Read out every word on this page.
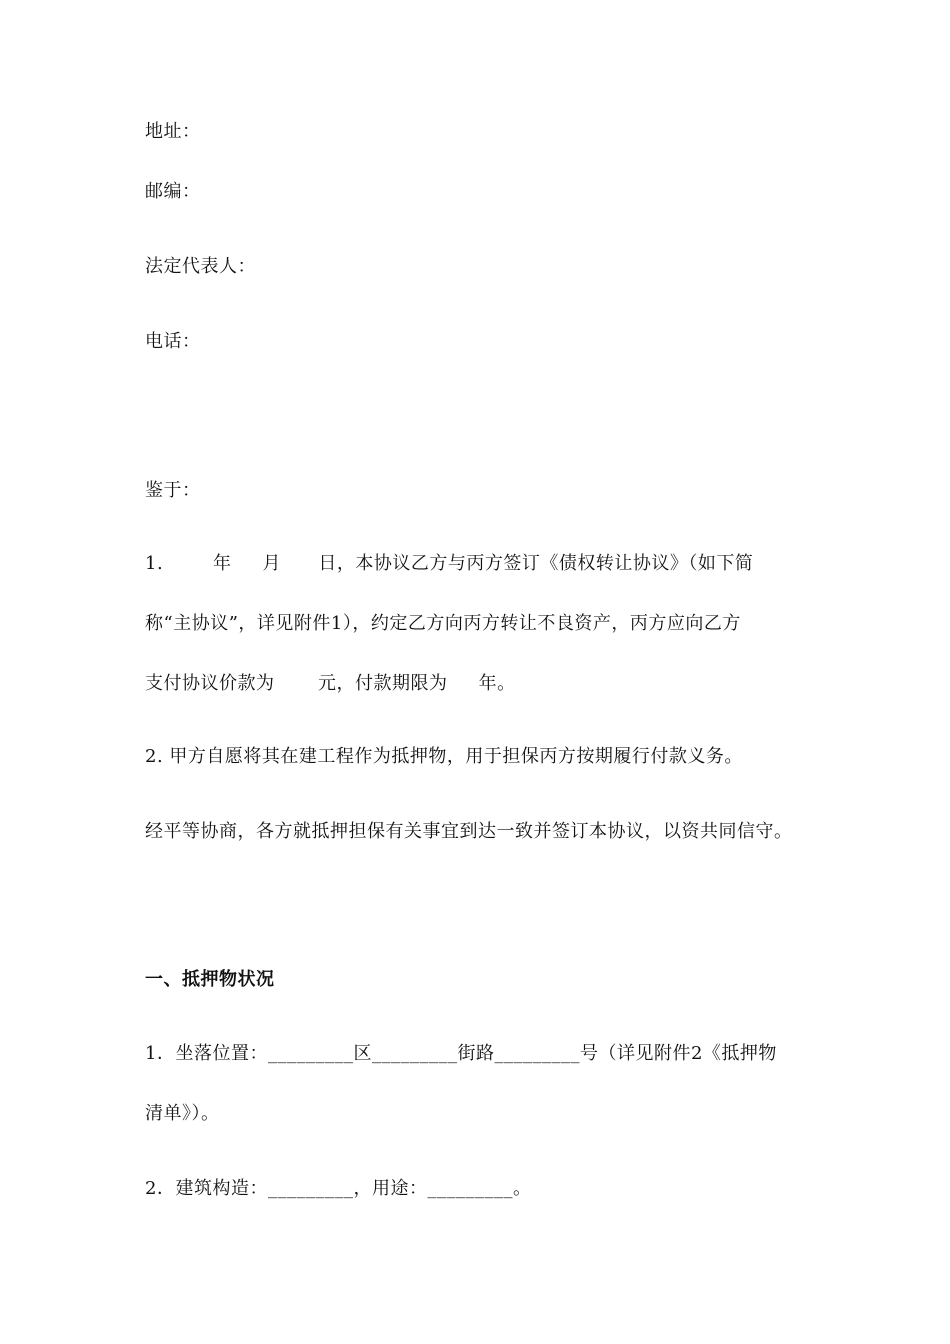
地址：
邮编：
法定代表人：
电话：
鉴于：
1.        年     月      日，本协议乙方与丙方签订《债权转让协议》（如下简
称“主协议”，详见附件1），约定乙方向丙方转让不良资产，丙方应向乙方
支付协议价款为       元，付款期限为     年。
2. 甲方自愿将其在建工程作为抵押物，用于担保丙方按期履行付款义务。
经平等协商，各方就抵押担保有关事宜到达一致并签订本协议，以资共同信守。
一、抵押物状况
1．坐落位置：_________区_________街路_________号（详见附件2《抵押物
清单》）。
2．建筑构造：_________，用途：_________。
